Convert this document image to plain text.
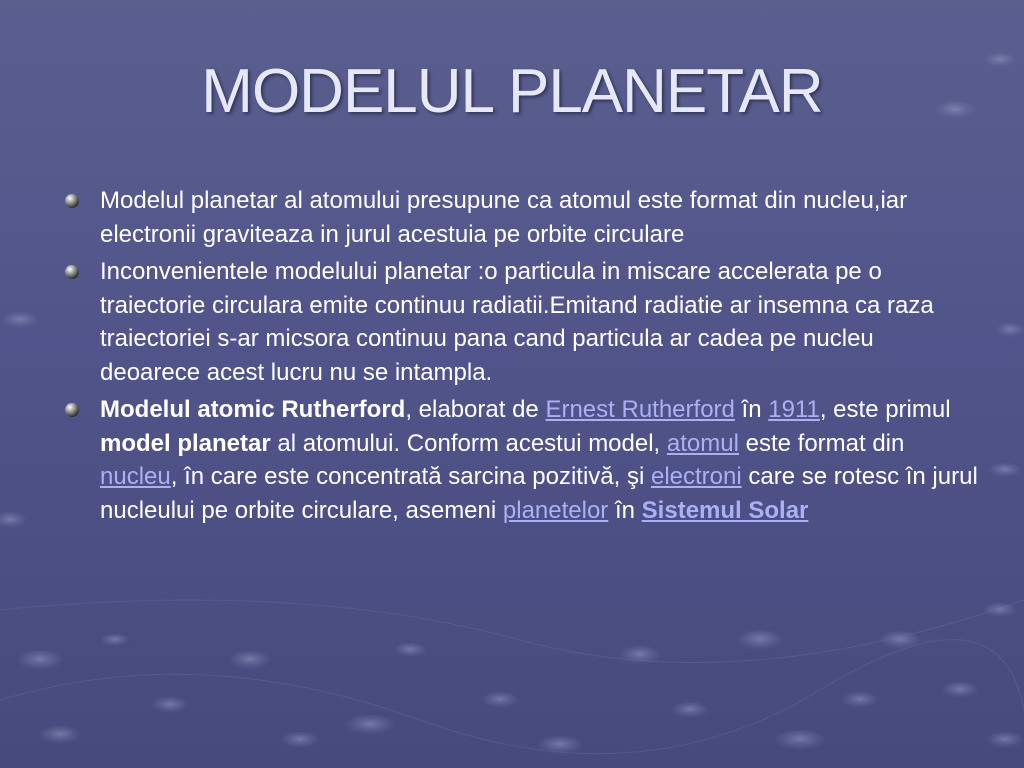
MODELUL PLANETAR
Modelul planetar al atomului presupune ca atomul este format din nucleu,iar electronii graviteaza in jurul acestuia pe orbite circulare
Inconvenientele modelului planetar :o particula in miscare accelerata pe o traiectorie circulara emite continuu radiatii.Emitand radiatie ar insemna ca raza traiectoriei s-ar micsora continuu pana cand particula ar cadea pe nucleu deoarece acest lucru nu se intampla.
Modelul atomic Rutherford, elaborat de Ernest Rutherford în 1911, este primul model planetar al atomului. Conform acestui model, atomul este format din nucleu, în care este concentrată sarcina pozitivă, şi electroni care se rotesc în jurul nucleului pe orbite circulare, asemeni planetelor în Sistemul Solar
